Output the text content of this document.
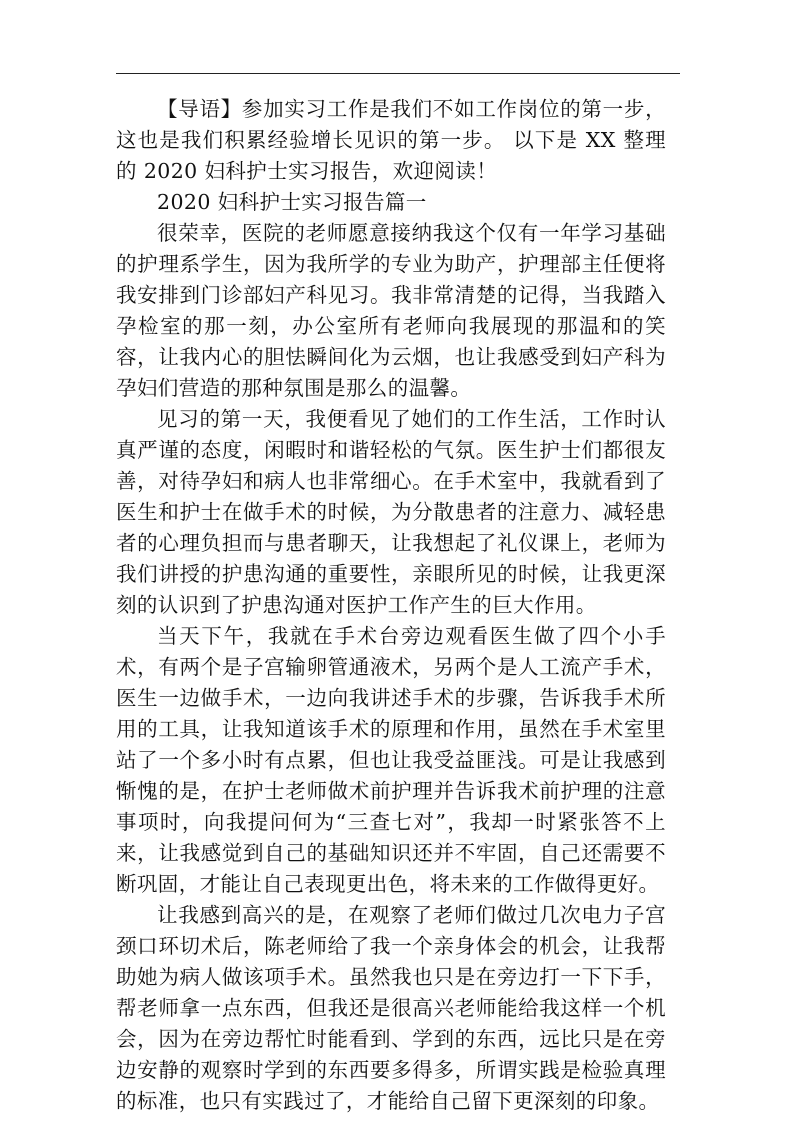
【导语】参加实习工作是我们不如工作岗位的第一步，这也是我们积累经验增长见识的第一步。 以下是 XX 整理的 2020 妇科护士实习报告，欢迎阅读！

2020 妇科护士实习报告篇一

很荣幸，医院的老师愿意接纳我这个仅有一年学习基础的护理系学生，因为我所学的专业为助产，护理部主任便将我安排到门诊部妇产科见习。我非常清楚的记得，当我踏入孕检室的那一刻，办公室所有老师向我展现的那温和的笑容，让我内心的胆怯瞬间化为云烟，也让我感受到妇产科为孕妇们营造的那种氛围是那么的温馨。

见习的第一天，我便看见了她们的工作生活，工作时认真严谨的态度，闲暇时和谐轻松的气氛。医生护士们都很友善，对待孕妇和病人也非常细心。在手术室中，我就看到了医生和护士在做手术的时候，为分散患者的注意力、减轻患者的心理负担而与患者聊天，让我想起了礼仪课上，老师为我们讲授的护患沟通的重要性，亲眼所见的时候，让我更深刻的认识到了护患沟通对医护工作产生的巨大作用。

当天下午，我就在手术台旁边观看医生做了四个小手术，有两个是子宫输卵管通液术，另两个是人工流产手术，医生一边做手术，一边向我讲述手术的步骤，告诉我手术所用的工具，让我知道该手术的原理和作用，虽然在手术室里站了一个多小时有点累，但也让我受益匪浅。可是让我感到惭愧的是，在护士老师做术前护理并告诉我术前护理的注意事项时，向我提问何为“三查七对”，我却一时紧张答不上来，让我感觉到自己的基础知识还并不牢固，自己还需要不断巩固，才能让自己表现更出色，将未来的工作做得更好。

让我感到高兴的是，在观察了老师们做过几次电力子宫颈口环切术后，陈老师给了我一个亲身体会的机会，让我帮助她为病人做该项手术。虽然我也只是在旁边打一下下手，帮老师拿一点东西，但我还是很高兴老师能给我这样一个机会，因为在旁边帮忙时能看到、学到的东西，远比只是在旁边安静的观察时学到的东西要多得多，所谓实践是检验真理的标准，也只有实践过了，才能给自己留下更深刻的印象。
